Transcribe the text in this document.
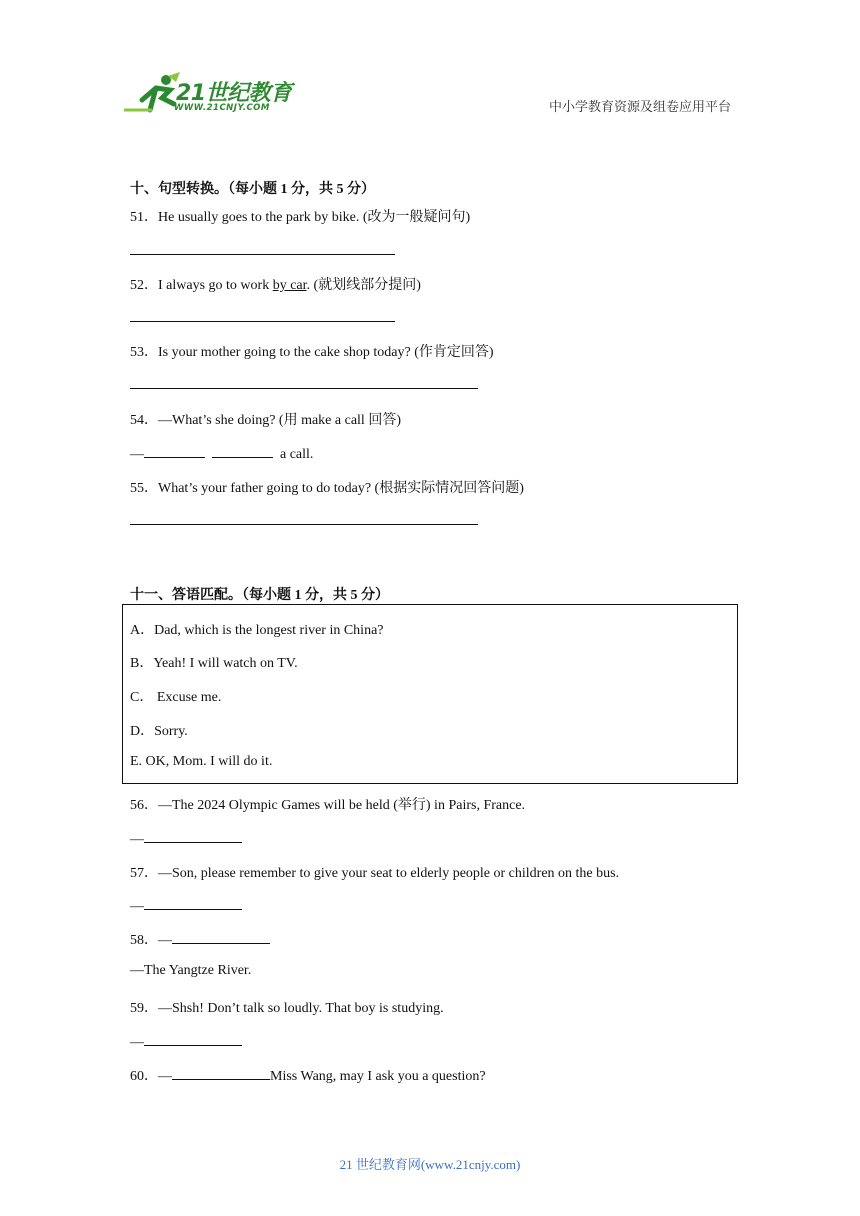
21世纪教育
WWW.21CNJY.COM	中小学教育资源及组卷应用平台
十、句型转换。（每小题 1 分，共 5 分）
51．He usually goes to the park by bike. (改为一般疑问句)
52．I always go to work by car. (就划线部分提问)
53．Is your mother going to the cake shop today? (作肯定回答)
54．—What’s she doing? (用 make a call 回答)
—	a call.
55．What’s your father going to do today? (根据实际情况回答问题)
十一、答语匹配。（每小题 1 分，共 5 分）
A．Dad, which is the longest river in China?
B．Yeah! I will watch on TV.
C． Excuse me.
D．Sorry.
E. OK, Mom. I will do it.
56．—The 2024 Olympic Games will be held (举行) in Pairs, France.
—
57．—Son, please remember to give your seat to elderly people or children on the bus.
—
58．—
—The Yangtze River.
59．—Shsh! Don’t talk so loudly. That boy is studying.
—
60．—	Miss Wang, may I ask you a question?
21 世纪教育网(www.21cnjy.com)
